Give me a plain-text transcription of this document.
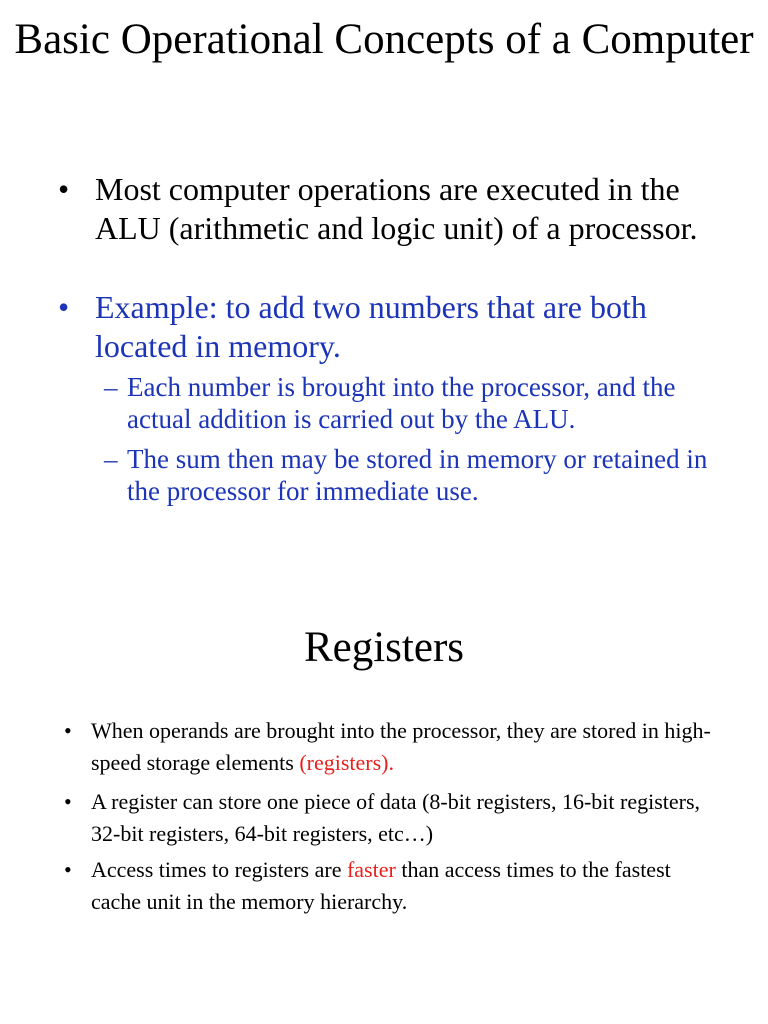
Basic Operational Concepts of a Computer
• Most computer operations are executed in the ALU (arithmetic and logic unit) of a processor.
• Example: to add two numbers that are both located in memory.
– Each number is brought into the processor, and the actual addition is carried out by the ALU.
– The sum then may be stored in memory or retained in the processor for immediate use.
Registers
• When operands are brought into the processor, they are stored in high-speed storage elements (registers).
• A register can store one piece of data (8-bit registers, 16-bit registers, 32-bit registers, 64-bit registers, etc…)
• Access times to registers are faster than access times to the fastest cache unit in the memory hierarchy.
